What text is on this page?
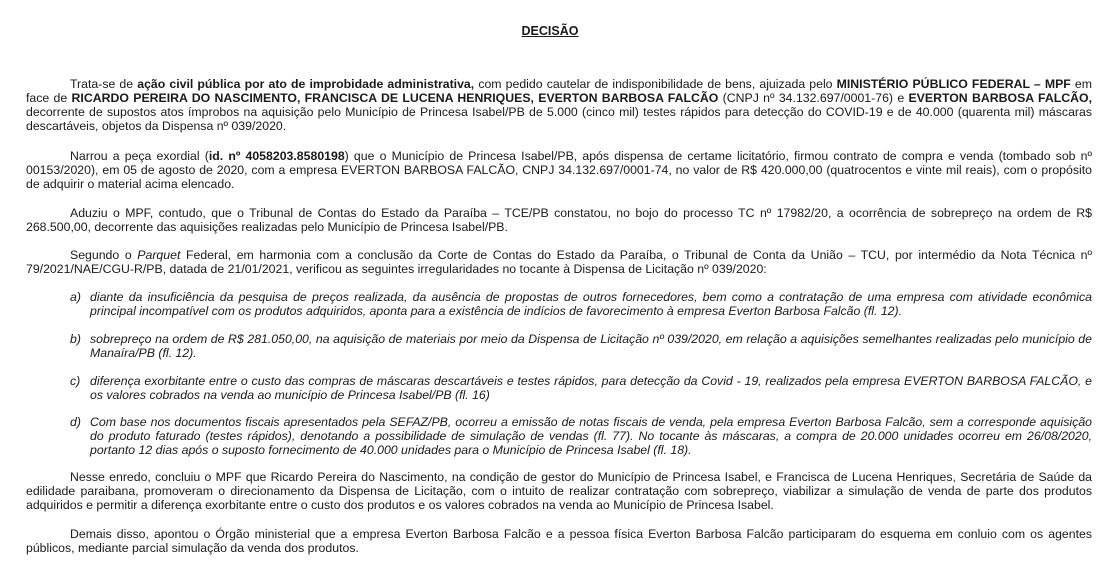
DECISÃO

Trata-se de ação civil pública por ato de improbidade administrativa, com pedido cautelar de indisponibilidade de bens, ajuizada pelo MINISTÉRIO PÚBLICO FEDERAL – MPF em face de RICARDO PEREIRA DO NASCIMENTO, FRANCISCA DE LUCENA HENRIQUES, EVERTON BARBOSA FALCÃO (CNPJ nº 34.132.697/0001-76) e EVERTON BARBOSA FALCÃO, decorrente de supostos atos ímprobos na aquisição pelo Município de Princesa Isabel/PB de 5.000 (cinco mil) testes rápidos para detecção do COVID-19 e de 40.000 (quarenta mil) máscaras descartáveis, objetos da Dispensa nº 039/2020.

Narrou a peça exordial (id. nº 4058203.8580198) que o Município de Princesa Isabel/PB, após dispensa de certame licitatório, firmou contrato de compra e venda (tombado sob nº 00153/2020), em 05 de agosto de 2020, com a empresa EVERTON BARBOSA FALCÃO, CNPJ 34.132.697/0001-74, no valor de R$ 420.000,00 (quatrocentos e vinte mil reais), com o propósito de adquirir o material acima elencado.

Aduziu o MPF, contudo, que o Tribunal de Contas do Estado da Paraíba – TCE/PB constatou, no bojo do processo TC nº 17982/20, a ocorrência de sobrepreço na ordem de R$ 268.500,00, decorrente das aquisições realizadas pelo Município de Princesa Isabel/PB.

Segundo o Parquet Federal, em harmonia com a conclusão da Corte de Contas do Estado da Paraíba, o Tribunal de Conta da União – TCU, por intermédio da Nota Técnica nº 79/2021/NAE/CGU-R/PB, datada de 21/01/2021, verificou as seguintes irregularidades no tocante à Dispensa de Licitação nº 039/2020:

a) diante da insuficiência da pesquisa de preços realizada, da ausência de propostas de outros fornecedores, bem como a contratação de uma empresa com atividade econômica principal incompatível com os produtos adquiridos, aponta para a existência de indícios de favorecimento à empresa Everton Barbosa Falcão (fl. 12).

b) sobrepreço na ordem de R$ 281.050,00, na aquisição de materiais por meio da Dispensa de Licitação nº 039/2020, em relação a aquisições semelhantes realizadas pelo município de Manaíra/PB (fl. 12).

c) diferença exorbitante entre o custo das compras de máscaras descartáveis e testes rápidos, para detecção da Covid - 19, realizados pela empresa EVERTON BARBOSA FALCÃO, e os valores cobrados na venda ao município de Princesa Isabel/PB (fl. 16)

d) Com base nos documentos fiscais apresentados pela SEFAZ/PB, ocorreu a emissão de notas fiscais de venda, pela empresa Everton Barbosa Falcão, sem a corresponde aquisição do produto faturado (testes rápidos), denotando a possibilidade de simulação de vendas (fl. 77). No tocante às máscaras, a compra de 20.000 unidades ocorreu em 26/08/2020, portanto 12 dias após o suposto fornecimento de 40.000 unidades para o Município de Princesa Isabel (fl. 18).

Nesse enredo, concluiu o MPF que Ricardo Pereira do Nascimento, na condição de gestor do Município de Princesa Isabel, e Francisca de Lucena Henriques, Secretária de Saúde da edilidade paraibana, promoveram o direcionamento da Dispensa de Licitação, com o intuito de realizar contratação com sobrepreço, viabilizar a simulação de venda de parte dos produtos adquiridos e permitir a diferença exorbitante entre o custo dos produtos e os valores cobrados na venda ao Município de Princesa Isabel.

Demais disso, apontou o Órgão ministerial que a empresa Everton Barbosa Falcão e a pessoa física Everton Barbosa Falcão participaram do esquema em conluio com os agentes públicos, mediante parcial simulação da venda dos produtos.
